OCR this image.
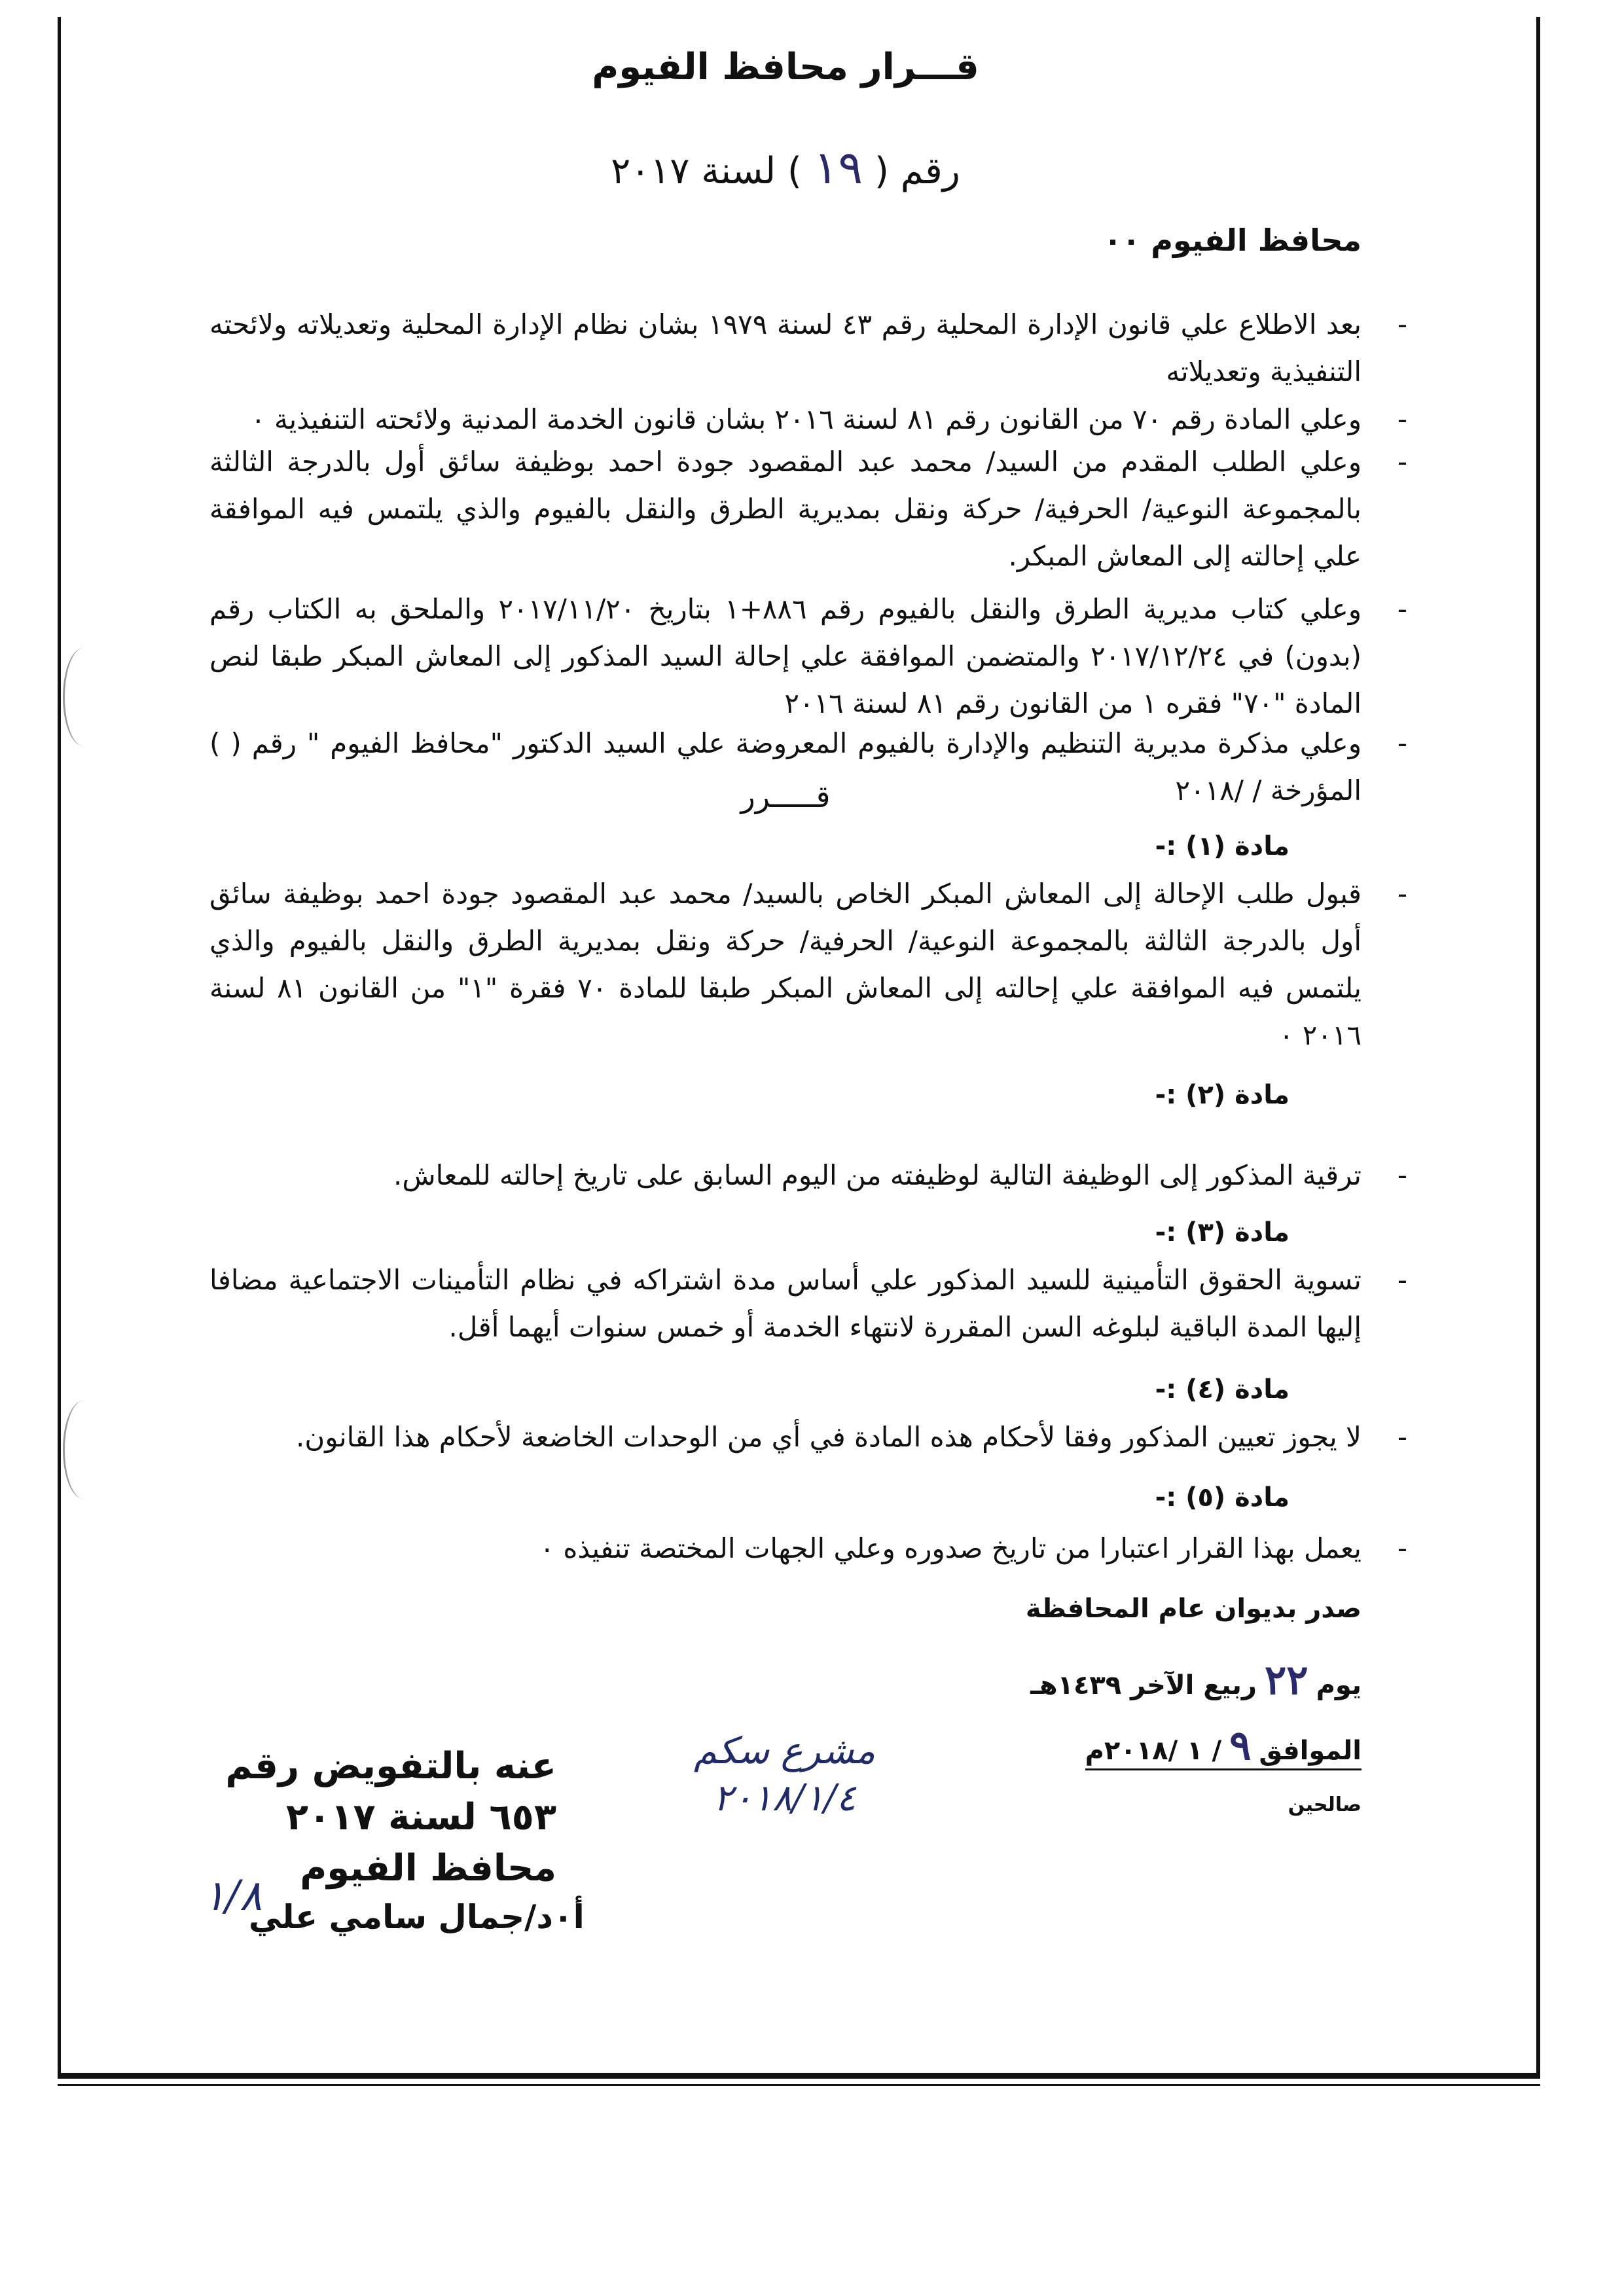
قـــرار محافظ الفيوم
رقم (١٩) لسنة ٢٠١٧
محافظ الفيوم ٠٠
-
بعد الاطلاع علي قانون الإدارة المحلية رقم ٤٣ لسنة ١٩٧٩ بشان نظام الإدارة المحلية وتعديلاته ولائحته التنفيذية وتعديلاته
-
وعلي المادة رقم ٧٠ من القانون رقم ٨١ لسنة ٢٠١٦ بشان قانون الخدمة المدنية ولائحته التنفيذية ٠
-
وعلي الطلب المقدم من السيد/ محمد عبد المقصود جودة احمد بوظيفة سائق أول بالدرجة الثالثة بالمجموعة النوعية/ الحرفية/ حركة ونقل بمديرية الطرق والنقل بالفيوم والذي يلتمس فيه الموافقة علي إحالته إلى المعاش المبكر.
-
وعلي كتاب مديرية الطرق والنقل بالفيوم رقم ٨٨٦+١ بتاريخ ٢٠١٧/١١/٢٠ والملحق به الكتاب رقم (بدون) في ٢٠١٧/١٢/٢٤ والمتضمن الموافقة علي إحالة السيد المذكور إلى المعاش المبكر طبقا لنص المادة "٧٠" فقره ١ من القانون رقم ٨١ لسنة ٢٠١٦
-
وعلي مذكرة مديرية التنظيم والإدارة بالفيوم المعروضة علي السيد الدكتور "محافظ الفيوم " رقم ( ) المؤرخة / /٢٠١٨
قـــــرر
مادة (١) :-
-
قبول طلب الإحالة إلى المعاش المبكر الخاص بالسيد/ محمد عبد المقصود جودة احمد بوظيفة سائق أول بالدرجة الثالثة بالمجموعة النوعية/ الحرفية/ حركة ونقل بمديرية الطرق والنقل بالفيوم والذي يلتمس فيه الموافقة علي إحالته إلى المعاش المبكر طبقا للمادة ٧٠ فقرة "١" من القانون ٨١ لسنة ٢٠١٦ ٠
مادة (٢) :-
-
ترقية المذكور إلى الوظيفة التالية لوظيفته من اليوم السابق على تاريخ إحالته للمعاش.
مادة (٣) :-
-
تسوية الحقوق التأمينية للسيد المذكور علي أساس مدة اشتراكه في نظام التأمينات الاجتماعية مضافا إليها المدة الباقية لبلوغه السن المقررة لانتهاء الخدمة أو خمس سنوات أيهما أقل.
مادة (٤) :-
-
لا يجوز تعيين المذكور وفقا لأحكام هذه المادة في أي من الوحدات الخاضعة لأحكام هذا القانون.
مادة (٥) :-
-
يعمل بهذا القرار اعتبارا من تاريخ صدوره وعلي الجهات المختصة تنفيذه ٠
صدر بديوان عام المحافظة
يوم٢٢ربيع الآخر ١٤٣٩هـ
الموافق٩/ ١ /٢٠١٨م
صالحين
عنه بالتفويض رقم ٦٥٣ لسنة ٢٠١٧
محافظ الفيوم
١/٨
أ٠د/جمال سامي علي
مشرع سكم
٢٠١٨/١/٤
